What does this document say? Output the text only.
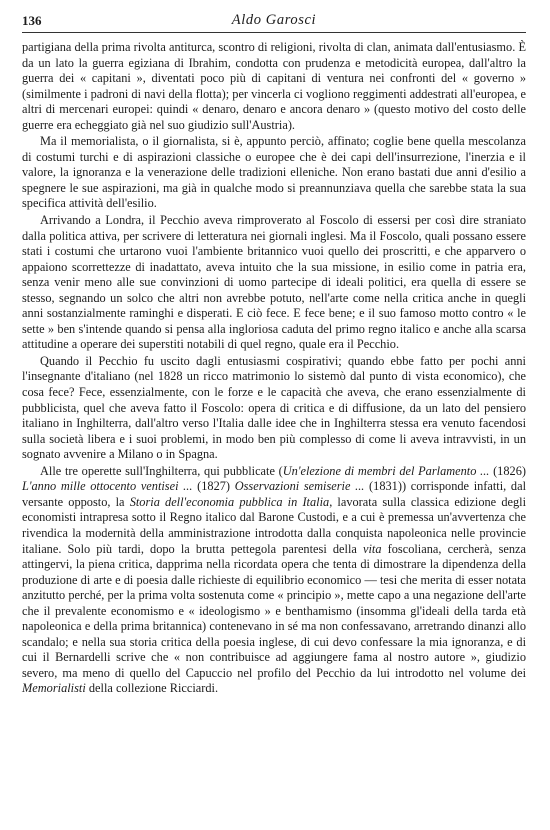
136	Aldo Garosci

partigiana della prima rivolta antiturca, scontro di religioni, rivolta di clan, animata dall'entusiasmo. È da un lato la guerra egiziana di Ibrahim, condotta con prudenza e metodicità europea, dall'altro la guerra dei « capitani », diventati poco più di capitani di ventura nei confronti del « governo » (similmente i padroni di navi della flotta); per vincerla ci vogliono reggimenti addestrati all'europea, e altri di mercenari europei: quindi « denaro, denaro e ancora denaro » (questo motivo del costo delle guerre era echeggiato già nel suo giudizio sull'Austria).

Ma il memorialista, o il giornalista, si è, appunto perciò, affinato; coglie bene quella mescolanza di costumi turchi e di aspirazioni classiche o europee che è dei capi dell'insurrezione, l'inerzia e il valore, la ignoranza e la venerazione delle tradizioni elleniche. Non erano bastati due anni d'esilio a spegnere le sue aspirazioni, ma già in qualche modo si preannunziava quella che sarebbe stata la sua specifica attività dell'esilio.

Arrivando a Londra, il Pecchio aveva rimproverato al Foscolo di essersi per così dire straniato dalla politica attiva, per scrivere di letteratura nei giornali inglesi. Ma il Foscolo, quali possano essere stati i costumi che urtarono vuoi l'ambiente britannico vuoi quello dei proscritti, e che apparvero o appaiono scorrettezze di inadattato, aveva intuito che la sua missione, in esilio come in patria era, senza venir meno alle sue convinzioni di uomo partecipe di ideali politici, era quella di essere se stesso, segnando un solco che altri non avrebbe potuto, nell'arte come nella critica anche in quegli anni sostanzialmente raminghi e disperati. E ciò fece. E fece bene; e il suo famoso motto contro « le sette » ben s'intende quando si pensa alla ingloriosa caduta del primo regno italico e anche alla scarsa attitudine a operare dei superstiti notabili di quel regno, quale era il Pecchio.

Quando il Pecchio fu uscito dagli entusiasmi cospirativi; quando ebbe fatto per pochi anni l'insegnante d'italiano (nel 1828 un ricco matrimonio lo sistemò dal punto di vista economico), che cosa fece? Fece, essenzialmente, con le forze e le capacità che aveva, che erano essenzialmente di pubblicista, quel che aveva fatto il Foscolo: opera di critica e di diffusione, da un lato del pensiero italiano in Inghilterra, dall'altro verso l'Italia dalle idee che in Inghilterra stessa era venuto facendosi sulla società libera e i suoi problemi, in modo ben più complesso di come li aveva intravvisti, in un sognato avvenire a Milano o in Spagna.

Alle tre operette sull'Inghilterra, qui pubblicate (Un'elezione di membri del Parlamento ... (1826) L'anno mille ottocento ventisei ... (1827) Osservazioni semiserie ... (1831)) corrisponde infatti, dal versante opposto, la Storia dell'economia pubblica in Italia, lavorata sulla classica edizione degli economisti intrapresa sotto il Regno italico dal Barone Custodi, e a cui è premessa un'avvertenza che rivendica la modernità della amministrazione introdotta dalla conquista napoleonica nelle provincie italiane. Solo più tardi, dopo la brutta pettegola parentesi della vita foscoliana, cercherà, senza attingervi, la piena critica, dapprima nella ricordata opera che tenta di dimostrare la dipendenza della produzione di arte e di poesia dalle richieste di equilibrio economico — tesi che merita di esser notata anzitutto perché, per la prima volta sostenuta come « principio », mette capo a una negazione dell'arte che il prevalente economismo e « ideologismo » e benthamismo (insomma gl'ideali della tarda età napoleonica e della prima britannica) contenevano in sé ma non confessavano, arretrando dinanzi allo scandalo; e nella sua storia critica della poesia inglese, di cui devo confessare la mia ignoranza, e di cui il Bernardelli scrive che « non contribuisce ad aggiungere fama al nostro autore », giudizio severo, ma meno di quello del Capuccio nel profilo del Pecchio da lui introdotto nel volume dei Memorialisti della collezione Ricciardi.
